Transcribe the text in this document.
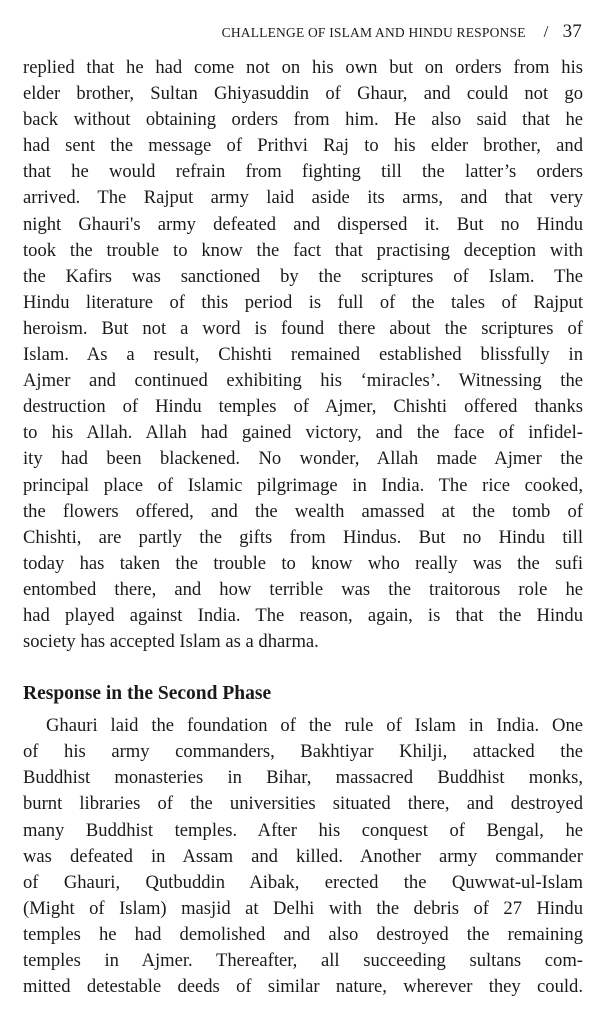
CHALLENGE OF ISLAM AND HINDU RESPONSE / 37
replied that he had come not on his own but on orders from his
elder brother, Sultan Ghiyasuddin of Ghaur, and could not go
back without obtaining orders from him. He also said that he
had sent the message of Prithvi Raj to his elder brother, and
that he would refrain from fighting till the latter’s orders
arrived. The Rajput army laid aside its arms, and that very
night Ghauri's army defeated and dispersed it. But no Hindu
took the trouble to know the fact that practising deception with
the Kafirs was sanctioned by the scriptures of Islam. The
Hindu literature of this period is full of the tales of Rajput
heroism. But not a word is found there about the scriptures of
Islam. As a result, Chishti remained established blissfully in
Ajmer and continued exhibiting his ‘miracles’. Witnessing the
destruction of Hindu temples of Ajmer, Chishti offered thanks
to his Allah. Allah had gained victory, and the face of infidel-
ity had been blackened. No wonder, Allah made Ajmer the
principal place of Islamic pilgrimage in India. The rice cooked,
the flowers offered, and the wealth amassed at the tomb of
Chishti, are partly the gifts from Hindus. But no Hindu till
today has taken the trouble to know who really was the sufi
entombed there, and how terrible was the traitorous role he
had played against India. The reason, again, is that the Hindu
society has accepted Islam as a dharma.
Response in the Second Phase
Ghauri laid the foundation of the rule of Islam in India. One
of his army commanders, Bakhtiyar Khilji, attacked the
Buddhist monasteries in Bihar, massacred Buddhist monks,
burnt libraries of the universities situated there, and destroyed
many Buddhist temples. After his conquest of Bengal, he
was defeated in Assam and killed. Another army commander
of Ghauri, Qutbuddin Aibak, erected the Quwwat-ul-Islam
(Might of Islam) masjid at Delhi with the debris of 27 Hindu
temples he had demolished and also destroyed the remaining
temples in Ajmer. Thereafter, all succeeding sultans com-
mitted detestable deeds of similar nature, wherever they could.
